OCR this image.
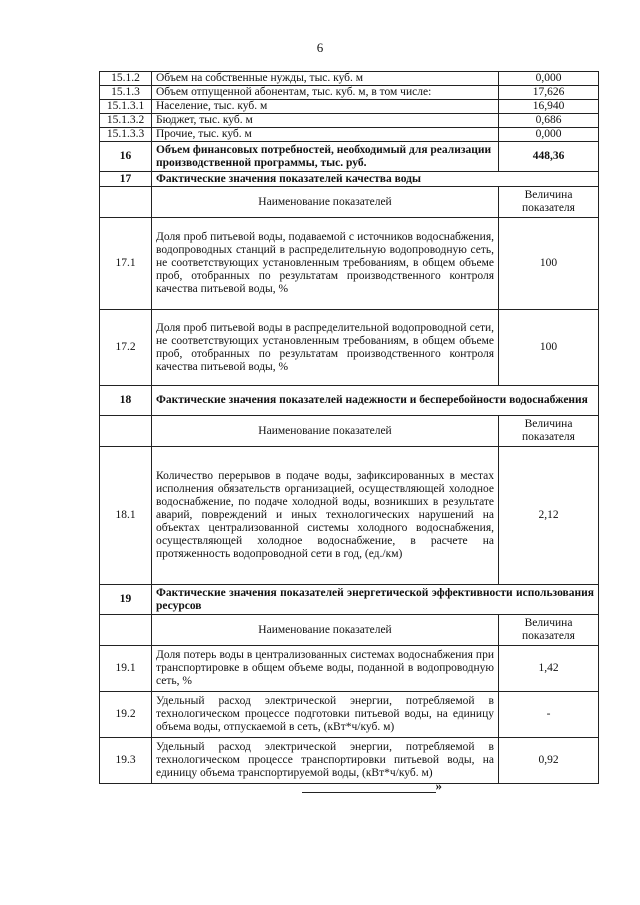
6
15.1.2	Объем на собственные нужды, тыс. куб. м	0,000
15.1.3	Объем отпущенной абонентам, тыс. куб. м, в том числе:	17,626
15.1.3.1	Население, тыс. куб. м	16,940
15.1.3.2	Бюджет, тыс. куб. м	0,686
15.1.3.3	Прочие, тыс. куб. м	0,000
16	Объем финансовых потребностей, необходимый для реализации производственной программы, тыс. руб.	448,36
17	Фактические значения показателей качества воды	
	Наименование показателей	Величина показателя
17.1	Доля проб питьевой воды, подаваемой с источников водоснабжения, водопроводных станций в распределительную водопроводную сеть, не соответствующих установленным требованиям, в общем объеме проб, отобранных по результатам производственного контроля качества питьевой воды, %	100
17.2	Доля проб питьевой воды в распределительной водопроводной сети, не соответствующих установленным требованиям, в общем объеме проб, отобранных по результатам производственного контроля качества питьевой воды, %	100
18	Фактические значения показателей надежности и бесперебойности водоснабжения	
	Наименование показателей	Величина показателя
18.1	Количество перерывов в подаче воды, зафиксированных в местах исполнения обязательств организацией, осуществляющей холодное водоснабжение, по подаче холодной воды, возникших в результате аварий, повреждений и иных технологических нарушений на объектах централизованной системы холодного водоснабжения, осуществляющей холодное водоснабжение, в расчете на протяженность водопроводной сети в год, (ед./км)	2,12
19	Фактические значения показателей энергетической эффективности использования ресурсов	
	Наименование показателей	Величина показателя
19.1	Доля потерь воды в централизованных системах водоснабжения при транспортировке в общем объеме воды, поданной в водопроводную сеть, %	1,42
19.2	Удельный расход электрической энергии, потребляемой в технологическом процессе подготовки питьевой воды, на единицу объема воды, отпускаемой в сеть, (кВт*ч/куб. м)	-
19.3	Удельный расход электрической энергии, потребляемой в технологическом процессе транспортировки питьевой воды, на единицу объема транспортируемой воды, (кВт*ч/куб. м)	0,92
»
